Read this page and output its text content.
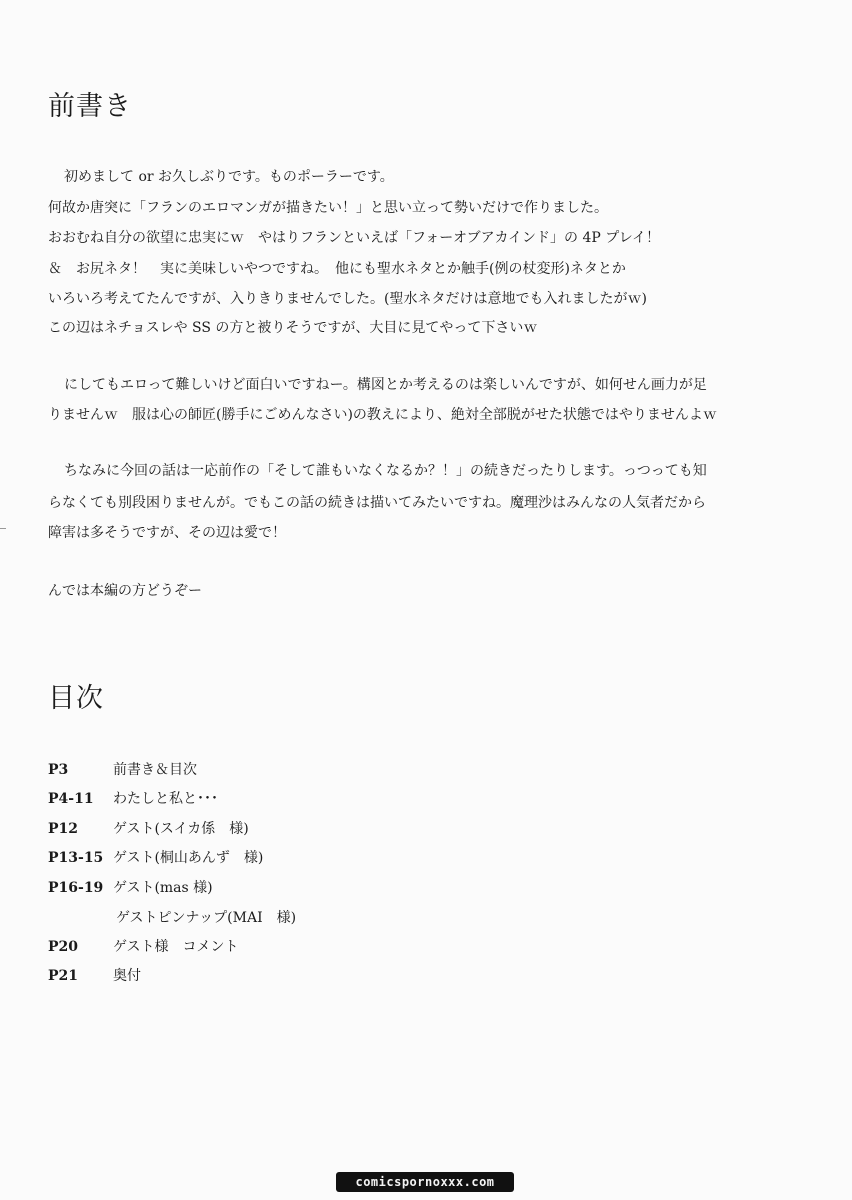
前書き
初めまして or お久しぶりです。ものポーラーです。
何故か唐突に「フランのエロマンガが描きたい！」と思い立って勢いだけで作りました。
おおむね自分の欲望に忠実にｗ　やはりフランといえば「フォーオブアカインド」の 4P プレイ！
＆　お尻ネタ！　実に美味しいやつですね。　他にも聖水ネタとか触手(例の杖変形)ネタとか
いろいろ考えてたんですが、入りきりませんでした。(聖水ネタだけは意地でも入れましたがｗ)
この辺はネチョスレや SS の方と被りそうですが、大目に見てやって下さいｗ
にしてもエロって難しいけど面白いですねー。構図とか考えるのは楽しいんですが、如何せん画力が足
りませんｗ　服は心の師匠(勝手にごめんなさい)の教えにより、絶対全部脱がせた状態ではやりませんよｗ
ちなみに今回の話は一応前作の「そして誰もいなくなるか？！」の続きだったりします。っつっても知
らなくても別段困りませんが。でもこの話の続きは描いてみたいですね。魔理沙はみんなの人気者だから
障害は多そうですが、その辺は愛で！
んでは本編の方どうぞー
目次
P3	前書き＆目次
P4-11 わたしと私と･･･
P12 ゲスト(スイカ係　様)
P13-15 ゲスト(桐山あんず　様)
P16-19 ゲスト(mas 様)
ゲストピンナップ(MAI　様)
P20 ゲスト様　コメント
P21 奥付
comicspornoxxx.com
